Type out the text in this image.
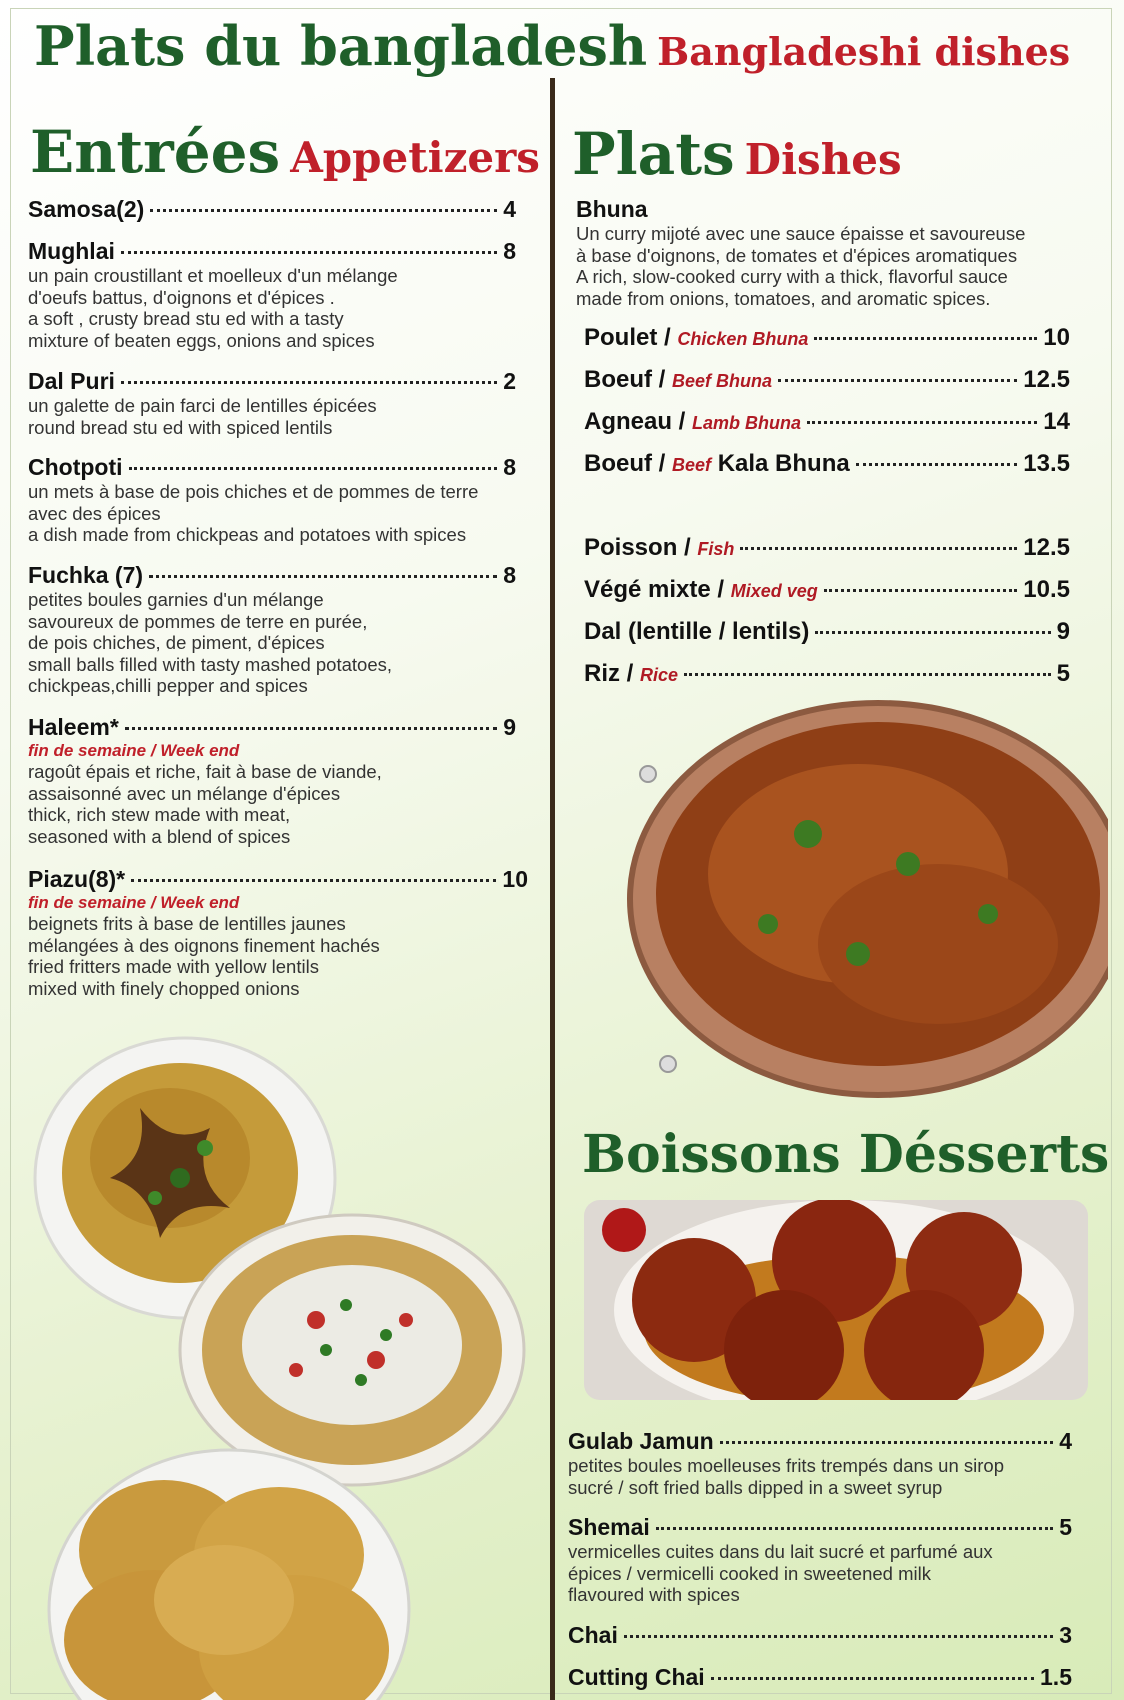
Plats du bangladesh Bangladeshi dishes
Entrées Appetizers
Samosa(2)	4
Mughlai	8
un pain croustillant et moelleux d'un mélange
d'oeufs battus, d'oignons et d'épices .
a soft , crusty bread stu ed with a tasty
mixture of beaten eggs, onions and spices
Dal Puri	2
un galette de pain farci de lentilles épicées
round bread stu ed with spiced lentils
Chotpoti	8
un mets à base de pois chiches et de pommes de terre
avec des épices
a dish made from chickpeas and potatoes with spices
Fuchka (7)	8
petites boules garnies d'un mélange
savoureux de pommes de terre en purée,
de pois chiches, de piment, d'épices
small balls filled with tasty mashed potatoes,
chickpeas,chilli pepper and spices
Haleem*	9
fin de semaine / Week end
ragoût épais et riche, fait à base de viande,
assaisonné avec un mélange d'épices
thick, rich stew made with meat,
seasoned with a blend of spices
Piazu(8)*	10
fin de semaine / Week end
beignets frits à base de lentilles jaunes
mélangées à des oignons finement hachés
fried fritters made with yellow lentils
mixed with finely chopped onions
Plats Dishes
Bhuna
Un curry mijoté avec une sauce épaisse et savoureuse
à base d'oignons, de tomates et d'épices aromatiques
A rich, slow-cooked curry with a thick, flavorful sauce
made from onions, tomatoes, and aromatic spices.
Poulet / Chicken Bhuna	10
Boeuf / Beef Bhuna	12.5
Agneau / Lamb Bhuna	14
Boeuf / Beef Kala Bhuna	13.5
Poisson / Fish	12.5
Végé mixte / Mixed veg	10.5
Dal (lentille / lentils)	9
Riz / Rice	5
Boissons Désserts
Gulab Jamun	4
petites boules moelleuses frits trempés dans un sirop
sucré / soft fried balls dipped in a sweet syrup
Shemai	5
vermicelles cuites dans du lait sucré et parfumé aux
épices / vermicelli cooked in sweetened milk
flavoured with spices
Chai	3
Cutting Chai	1.5
